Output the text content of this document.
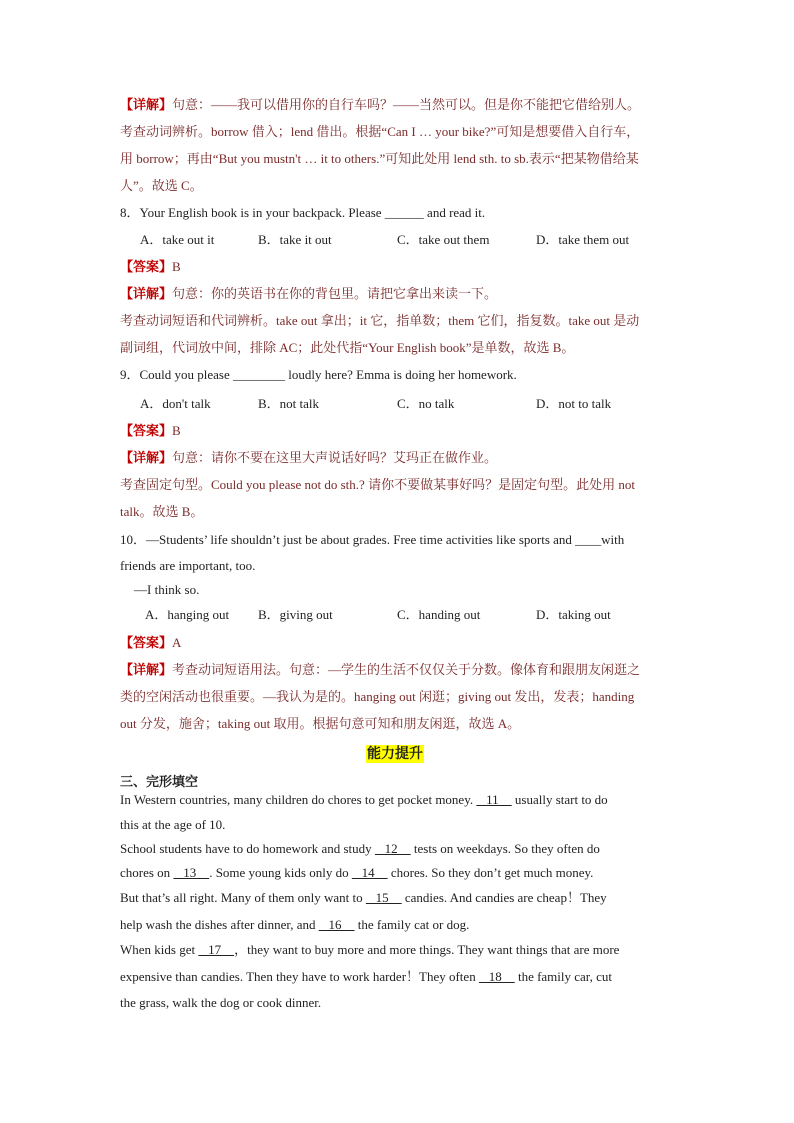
【详解】句意：——我可以借用你的自行车吗？——当然可以。但是你不能把它借给别人。
考查动词辨析。borrow 借入；lend 借出。根据“Can I … your bike?”可知是想要借入自行车，
用 borrow；再由“But you mustn't … it to others.”可知此处用 lend sth. to sb.表示“把某物借给某
人”。故选 C。
8．Your English book is in your backpack. Please ______ and read it.
A．take out it	B．take it out	C．take out them	D．take them out
【答案】B
【详解】句意：你的英语书在你的背包里。请把它拿出来读一下。
考查动词短语和代词辨析。take out 拿出；it 它，指单数；them 它们，指复数。take out 是动
副词组，代词放中间，排除 AC；此处代指“Your English book”是单数，故选 B。
9．Could you please ________ loudly here? Emma is doing her homework.
A．don't talk	B．not talk	C．no talk	D．not to talk
【答案】B
【详解】句意：请你不要在这里大声说话好吗？艾玛正在做作业。
考查固定句型。Could you please not do sth.? 请你不要做某事好吗？是固定句型。此处用 not
talk。故选 B。
10．—Students’ life shouldn’t just be about grades. Free time activities like sports and ____with
friends are important, too.
—I think so.
A．hanging out B．giving out	C．handing out	D．taking out
【答案】A
【详解】考查动词短语用法。句意：—学生的生活不仅仅关于分数。像体育和跟朋友闲逛之
类的空闲活动也很重要。—我认为是的。hanging out 闲逛；giving out 发出，发表；handing
out 分发，施舍；taking out 取用。根据句意可知和朋友闲逛，故选 A。
能力提升
三、完形填空
In Western countries, many children do chores to get pocket money.    11     usually start to do
this at the age of 10.
School students have to do homework and study    12     tests on weekdays. So they often do
chores on    13    . Some young kids only do    14     chores. So they don’t get much money.
But that’s all right. Many of them only want to    15     candies. And candies are cheap！They
help wash the dishes after dinner, and    16     the family cat or dog.
When kids get    17    ，they want to buy more and more things. They want things that are more
expensive than candies. Then they have to work harder！They often    18     the family car, cut
the grass, walk the dog or cook dinner.
